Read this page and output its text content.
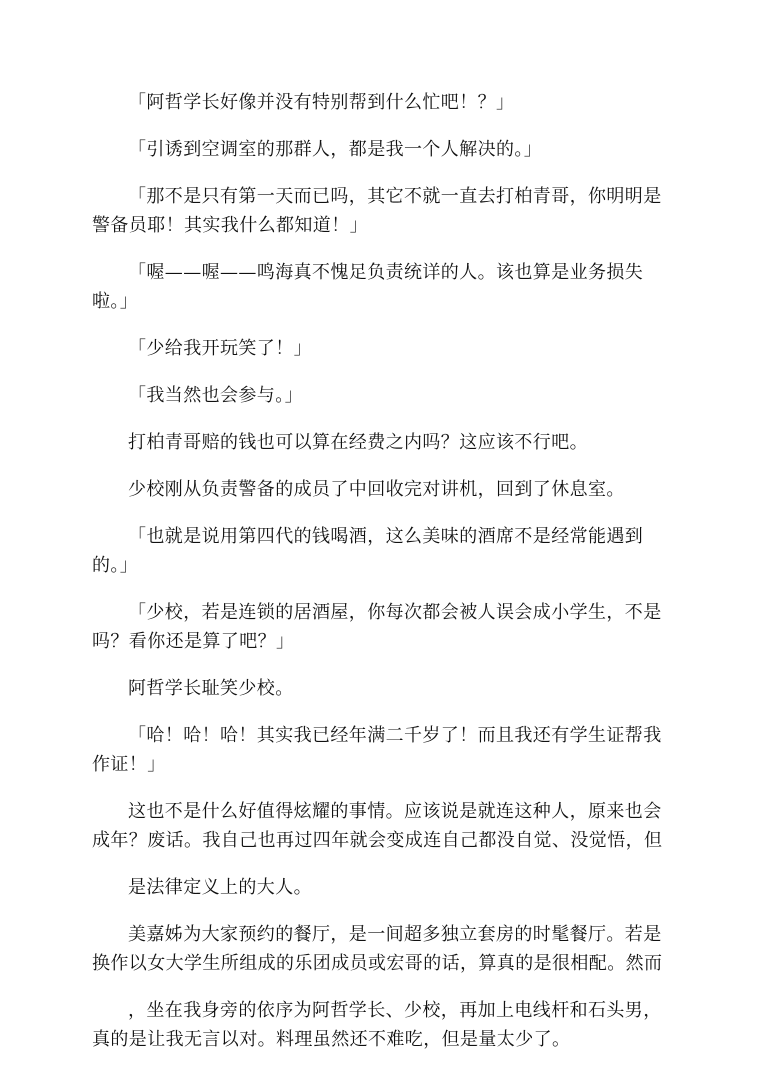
「阿哲学长好像并没有特别帮到什么忙吧！？」

「引诱到空调室的那群人，都是我一个人解决的。」

「那不是只有第一天而已吗，其它不就一直去打柏青哥，你明明是警备员耶！其实我什么都知道！」

「喔——喔——鸣海真不愧足负责统详的人。该也算是业务损失啦。」

「少给我开玩笑了！」

「我当然也会参与。」

打柏青哥赔的钱也可以算在经费之内吗？这应该不行吧。

少校刚从负责警备的成员了中回收完对讲机，回到了休息室。

「也就是说用第四代的钱喝酒，这么美味的酒席不是经常能遇到的。」

「少校，若是连锁的居酒屋，你每次都会被人误会成小学生，不是吗？看你还是算了吧？」

阿哲学长耻笑少校。

「哈！哈！哈！其实我已经年满二千岁了！而且我还有学生证帮我作证！」

这也不是什么好值得炫耀的事情。应该说是就连这种人，原来也会成年？废话。我自己也再过四年就会变成连自己都没自觉、没觉悟，但

是法律定义上的大人。

美嘉姊为大家预约的餐厅，是一间超多独立套房的时髦餐厅。若是换作以女大学生所组成的乐团成员或宏哥的话，算真的是很相配。然而

，坐在我身旁的依序为阿哲学长、少校，再加上电线杆和石头男，真的是让我无言以对。料理虽然还不难吃，但是量太少了。
